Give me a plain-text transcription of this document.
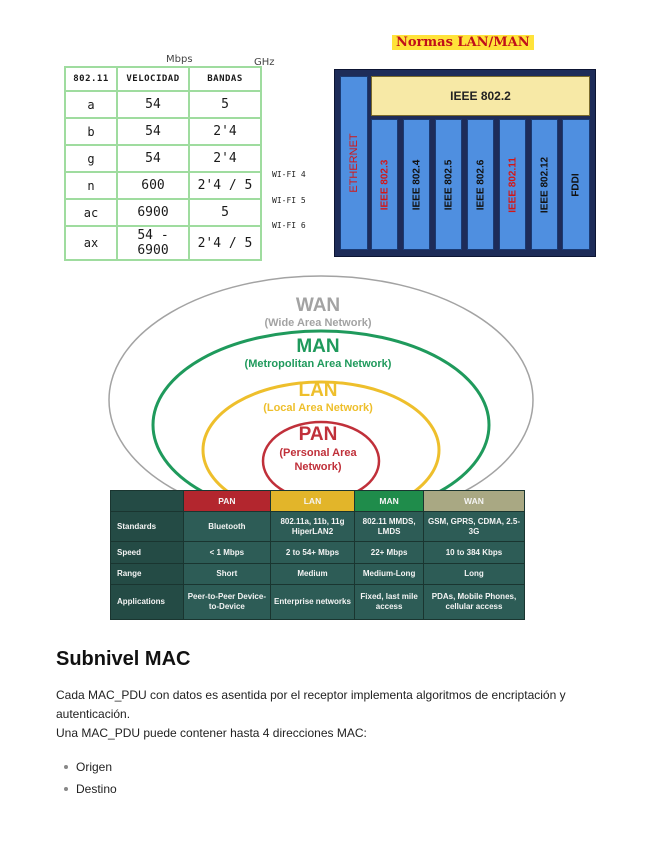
Mbps	GHz
802.11	VELOCIDAD	BANDAS
a	54	5
b	54	2'4
g	54	2'4
n	600	2'4 / 5
ac	6900	5
ax	54 - 6900	2'4 / 5
WI-FI 4
WI-FI 5
WI-FI 6
Normas LAN/MAN
IEEE 802.2
ETHERNET IEEE 802.3 IEEE 802.4 IEEE 802.5 IEEE 802.6 IEEE 802.11 IEEE 802.12 FDDI
WAN
(Wide Area Network)
MAN
(Metropolitan Area Network)
LAN
(Local Area Network)
PAN
(Personal Area Network)
	PAN	LAN	MAN	WAN
Standards	Bluetooth	802.11a, 11b, 11g HiperLAN2	802.11 MMDS, LMDS	GSM, GPRS, CDMA, 2.5-3G
Speed	< 1 Mbps	2 to 54+ Mbps	22+ Mbps	10 to 384 Kbps
Range	Short	Medium	Medium-Long	Long
Applications	Peer-to-Peer Device-to-Device	Enterprise networks	Fixed, last mile access	PDAs, Mobile Phones, cellular access
Subnivel MAC

Cada MAC_PDU con datos es asentida por el receptor implementa algoritmos de encriptación y autenticación.

Una MAC_PDU puede contener hasta 4 direcciones MAC:

Origen
Destino
